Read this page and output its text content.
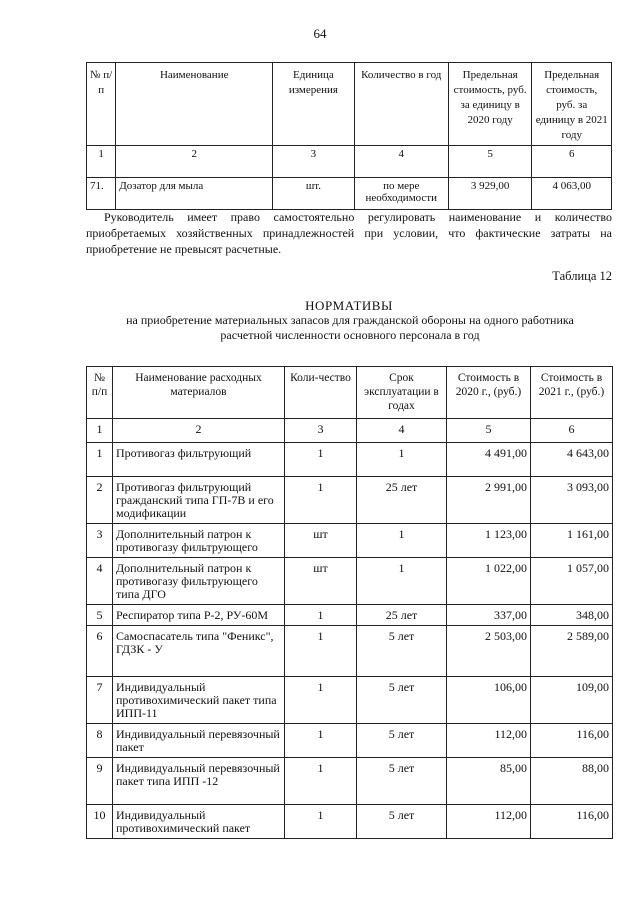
64
№ п/п	Наименование	Единица измерения	Количество в год	Предельная стоимость, руб. за единицу в 2020 году	Предельная стоимость, руб. за единицу в 2021 году
1	2	3	4	5	6
71.	Дозатор для мыла	шт.	по мере необходимости	3 929,00	4 063,00
Руководитель имеет право самостоятельно регулировать наименование и количество приобретаемых хозяйственных принадлежностей при условии, что фактические затраты на приобретение не превысят расчетные.
Таблица 12
НОРМАТИВЫ
на приобретение материальных запасов для гражданской обороны на одного работника расчетной численности основного персонала в год
№ п/п	Наименование расходных материалов	Коли-чество	Срок эксплуатации в годах	Стоимость в 2020 г., (руб.)	Стоимость в 2021 г., (руб.)
1	2	3	4	5	6
1	Противогаз фильтрующий	1	1	4 491,00	4 643,00
2	Противогаз фильтрующий гражданский типа ГП-7В и его модификации	1	25 лет	2 991,00	3 093,00
3	Дополнительный патрон к противогазу фильтрующего	шт	1	1 123,00	1 161,00
4	Дополнительный патрон к противогазу фильтрующего типа ДГО	шт	1	1 022,00	1 057,00
5	Респиратор типа Р-2, РУ-60М	1	25 лет	337,00	348,00
6	Самоспасатель типа "Феникс", ГДЗК - У	1	5 лет	2 503,00	2 589,00
7	Индивидуальный противохимический пакет типа ИПП-11	1	5 лет	106,00	109,00
8	Индивидуальный перевязочный пакет	1	5 лет	112,00	116,00
9	Индивидуальный перевязочный пакет типа ИПП -12	1	5 лет	85,00	88,00
10	Индивидуальный противохимический пакет	1	5 лет	112,00	116,00
